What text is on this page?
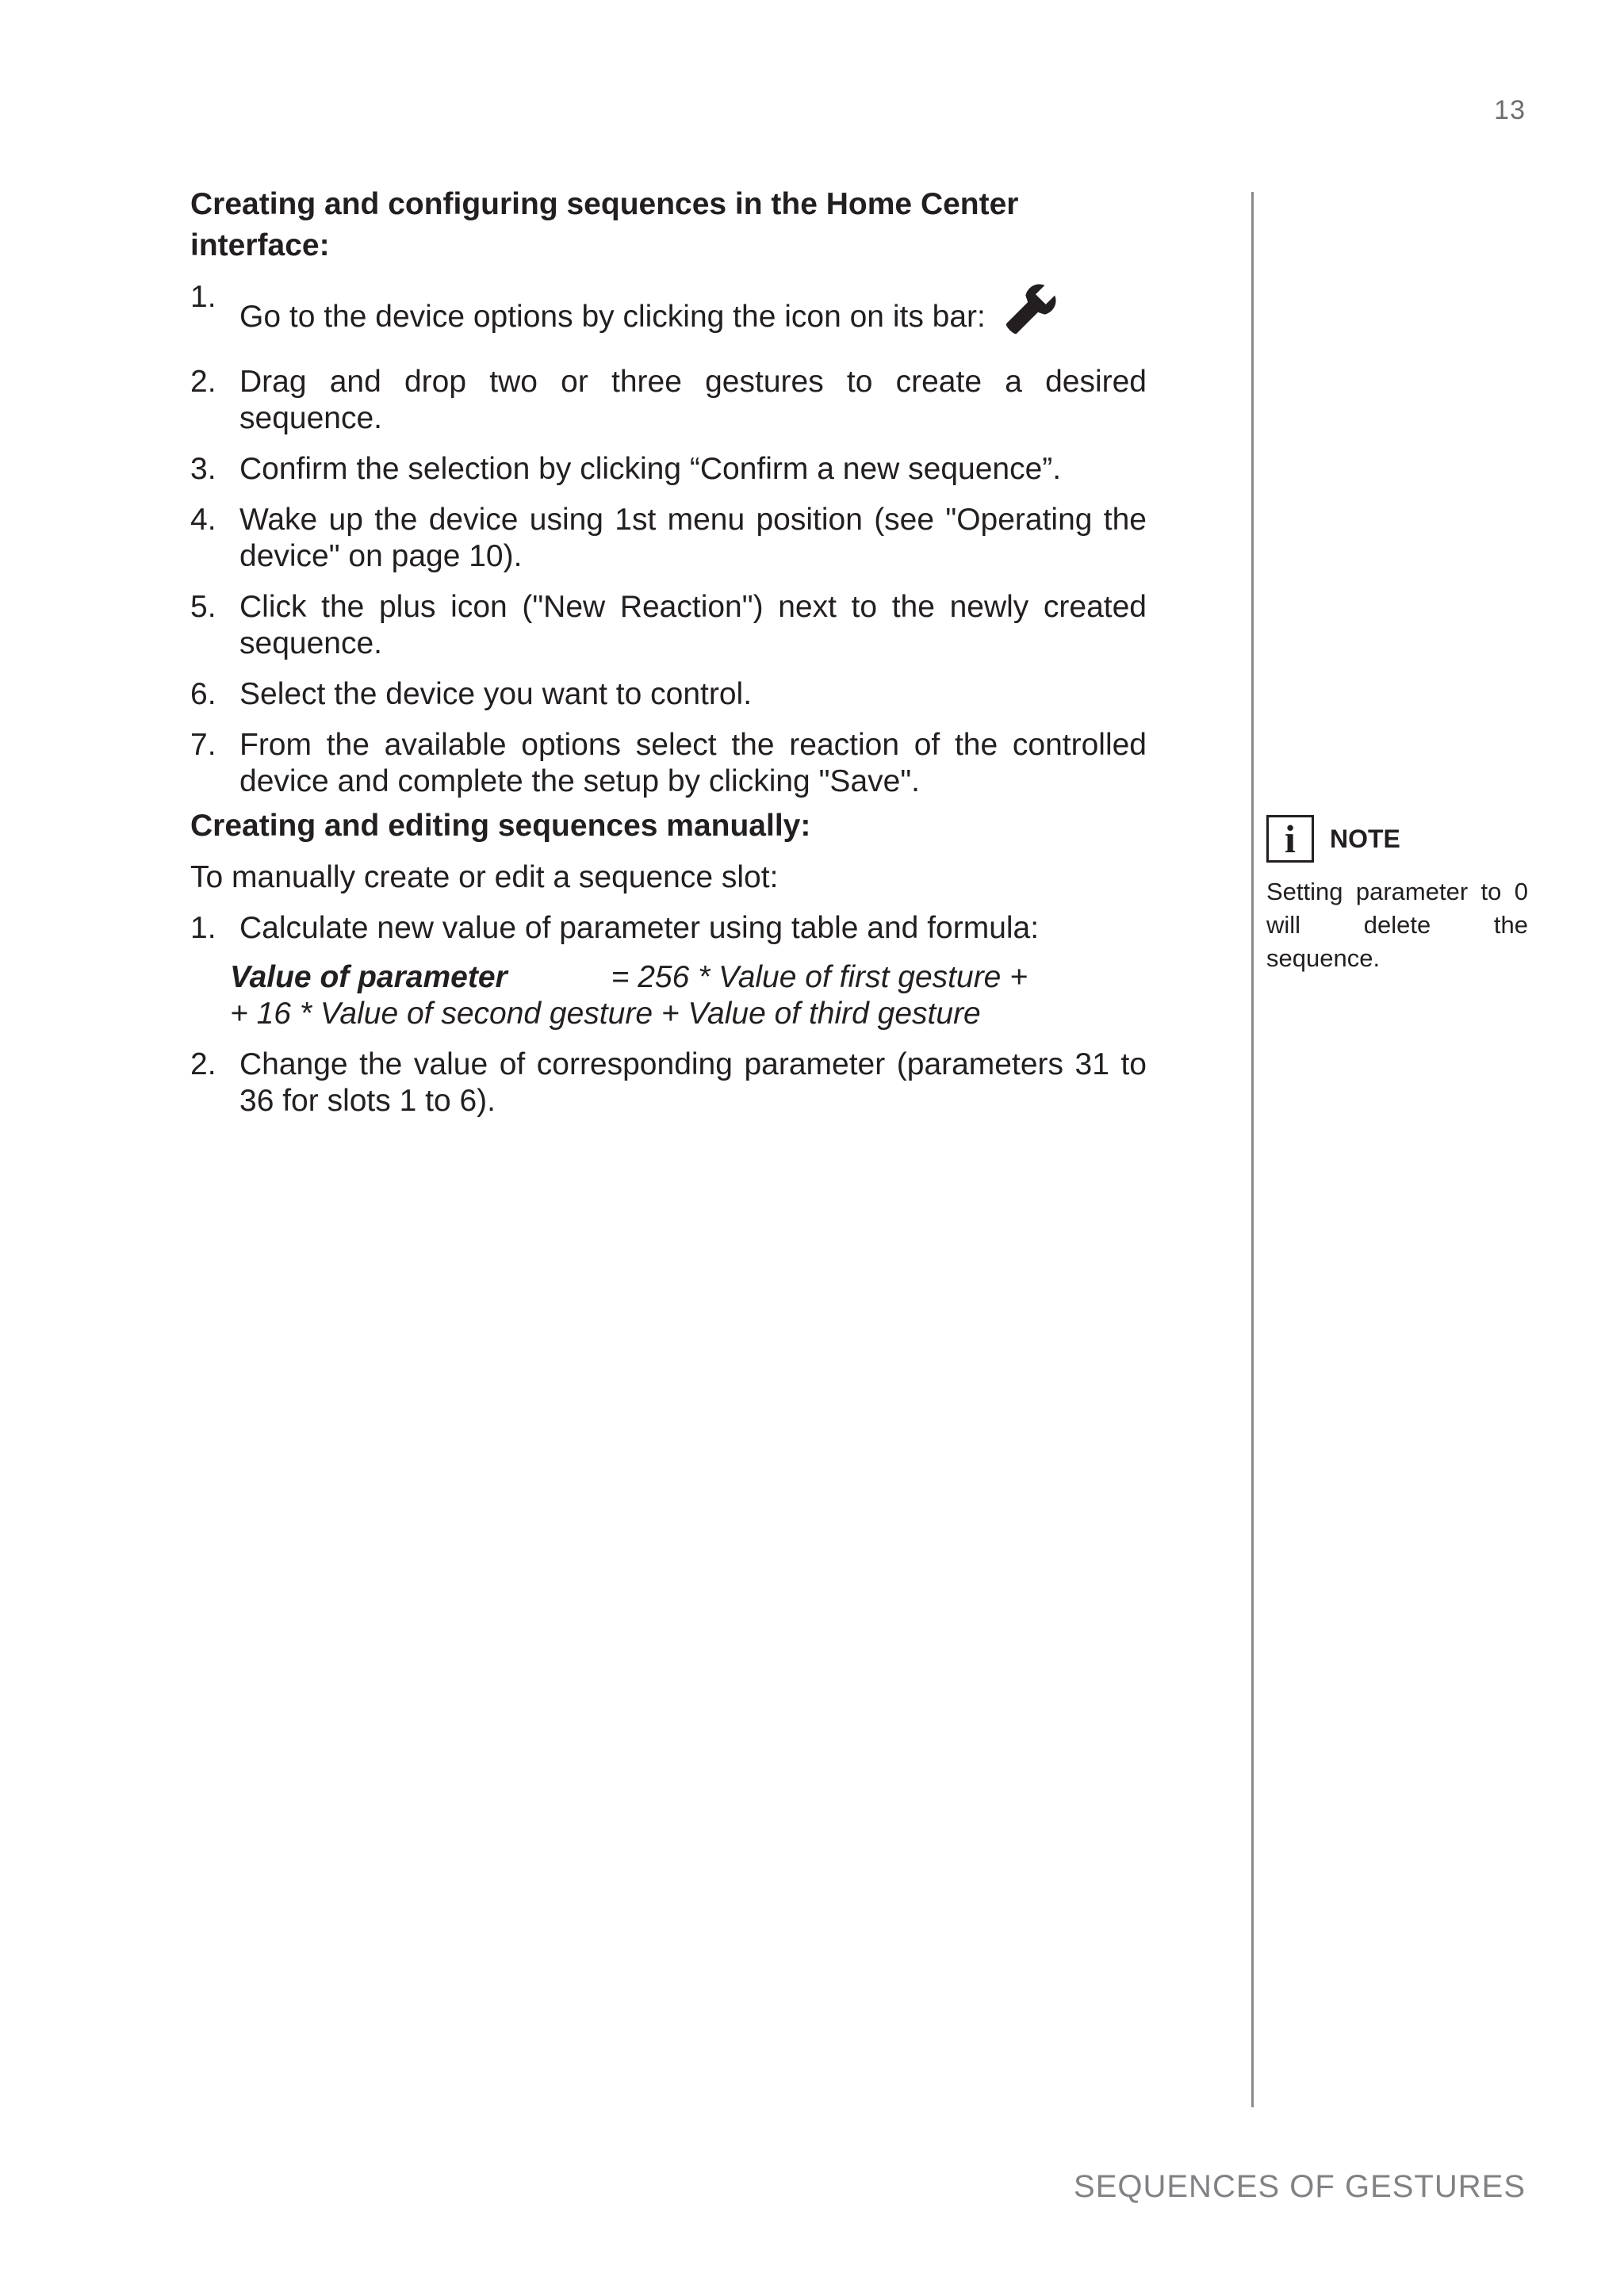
13
Creating and configuring sequences in the Home Center interface:
1.
Go to the device options by clicking the icon on its bar:
2. Drag and drop two or three gestures to create a desired sequence.
3. Confirm the selection by clicking “Confirm a new sequence”.
4. Wake up the device using 1st menu position (see "Operating the device" on page 10).
5. Click the plus icon ("New Reaction") next to the newly created sequence.
6. Select the device you want to control.
7. From the available options select the reaction of the controlled device and complete the setup by clicking "Save".
Creating and editing sequences manually:
To manually create or edit a sequence slot:
1. Calculate new value of parameter using table and formula:
Value of parameter	= 256 * Value of first gesture +
+ 16 * Value of second gesture + Value of third gesture
2. Change the value of corresponding parameter (parameters 31 to 36 for slots 1 to 6).
i	NOTE
Setting parameter to 0 will delete the sequence.
SEQUENCES OF GESTURES
